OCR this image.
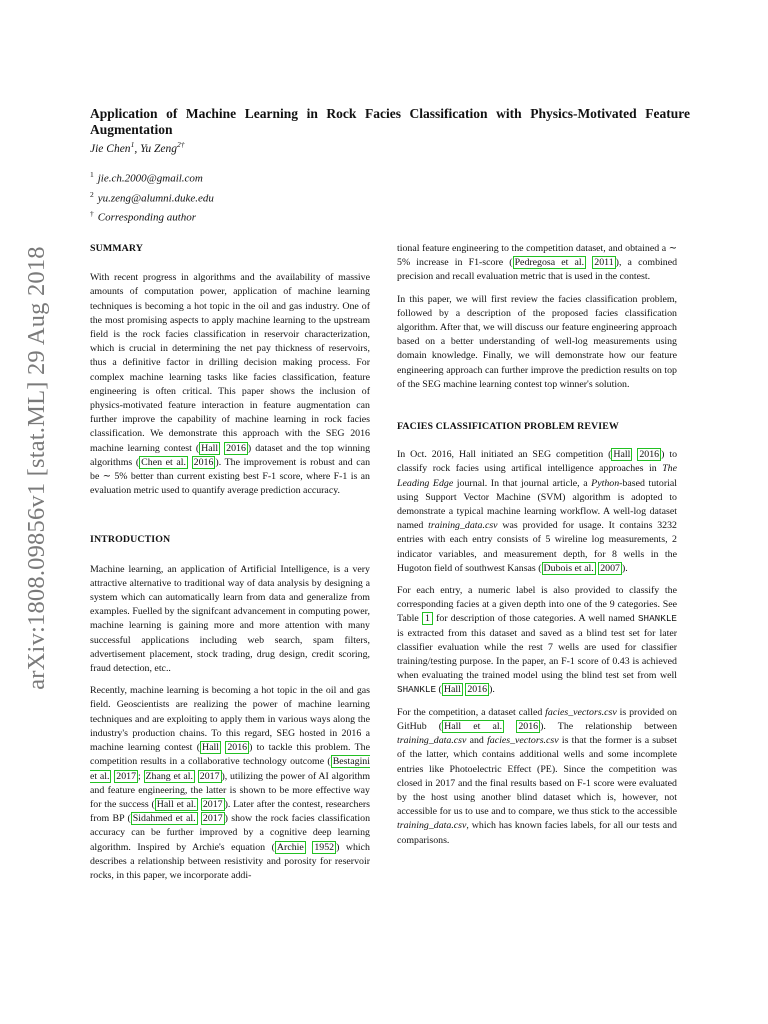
arXiv:1808.09856v1 [stat.ML] 29 Aug 2018
Application of Machine Learning in Rock Facies Classification with Physics-Motivated Feature Augmentation
Jie Chen$^1$, Yu Zeng$^{2\dagger}$
$^1$ jie.ch.2000@gmail.com
$^2$ yu.zeng@alumni.duke.edu
† Corresponding author
SUMMARY

With recent progress in algorithms and the availability of massive amounts of computation power, application of machine learning techniques is becoming a hot topic in the oil and gas industry. One of the most promising aspects to apply machine learning to the upstream field is the rock facies classification in reservoir characterization, which is crucial in determining the net pay thickness of reservoirs, thus a definitive factor in drilling decision making process. For complex machine learning tasks like facies classification, feature engineering is often critical. This paper shows the inclusion of physics-motivated feature interaction in feature augmentation can further improve the capability of machine learning in rock facies classification. We demonstrate this approach with the SEG 2016 machine learning contest ( Hall 2016 ) dataset and the top winning algorithms ( Chen et al. 2016 ). The improvement is robust and can be ∼ 5% better than current existing best F-1 score, where F-1 is an evaluation metric used to quantify average prediction accuracy.

INTRODUCTION

Machine learning, an application of Artificial Intelligence, is a very attractive alternative to traditional way of data analysis by designing a system which can automatically learn from data and generalize from examples. Fuelled by the signifcant advancement in computing power, machine learning is gaining more and more attention with many successful applications including web search, spam filters, advertisement placement, stock trading, drug design, credit scoring, fraud detection, etc..

Recently, machine learning is becoming a hot topic in the oil and gas field. Geoscientists are realizing the power of machine learning techniques and are exploiting to apply them in various ways along the industry's production chains. To this regard, SEG hosted in 2016 a machine learning contest ( Hall 2016 ) to tackle this problem. The competition results in a collaborative technology outcome ( Bestagini et al. 2017 ; Zhang et al. 2017 ), utilizing the power of AI algorithm and feature engineering, the latter is shown to be more effective way for the success ( Hall et al. 2017 ). Later after the contest, researchers from BP ( Sidahmed et al. 2017 ) show the rock facies classification accuracy can be further improved by a cognitive deep learning algorithm. Inspired by Archie's equation ( Archie 1952 ) which describes a relationship between resistivity and porosity for reservoir rocks, in this paper, we incorporate addi-

tional feature engineering to the competition dataset, and obtained a ∼ 5% increase in F1-score ( Pedregosa et al. 2011 ), a combined precision and recall evaluation metric that is used in the contest.

In this paper, we will first review the facies classification problem, followed by a description of the proposed facies classification algorithm. After that, we will discuss our feature engineering approach based on a better understanding of well-log measurements using domain knowledge. Finally, we will demonstrate how our feature engineering approach can further improve the prediction results on top of the SEG machine learning contest top winner's solution.

FACIES CLASSIFICATION PROBLEM REVIEW

In Oct. 2016, Hall initiated an SEG competition ( Hall 2016 ) to classify rock facies using artifical intelligence approaches in The Leading Edge journal. In that journal article, a Python-based tutorial using Support Vector Machine (SVM) algorithm is adopted to demonstrate a typical machine learning workflow. A well-log dataset named training_data.csv was provided for usage. It contains 3232 entries with each entry consists of 5 wireline log measurements, 2 indicator variables, and measurement depth, for 8 wells in the Hugoton field of southwest Kansas ( Dubois et al. 2007 ).

For each entry, a numeric label is also provided to classify the corresponding facies at a given depth into one of the 9 categories. See Table 1 for description of those categories. A well named SHANKLE is extracted from this dataset and saved as a blind test set for later classifier evaluation while the rest 7 wells are used for classifier training/testing purpose. In the paper, an F-1 score of 0.43 is achieved when evaluating the trained model using the blind test set from well SHANKLE ( Hall 2016 ).

For the competition, a dataset called facies_vectors.csv is provided on GitHub ( Hall et al. 2016 ). The relationship between training_data.csv and facies_vectors.csv is that the former is a subset of the latter, which contains additional wells and some incomplete entries like Photoelectric Effect (PE). Since the competition was closed in 2017 and the final results based on F-1 score were evaluated by the host using another blind dataset which is, however, not accessible for us to use and to compare, we thus stick to the accessible training_data.csv, which has known facies labels, for all our tests and comparisons.
